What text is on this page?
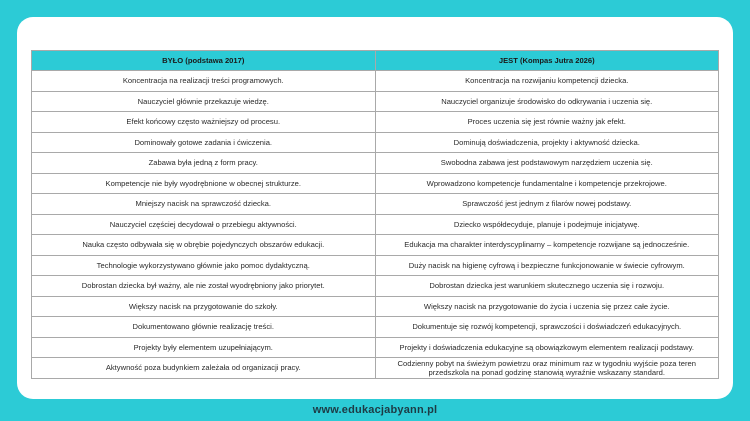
BYŁO (podstawa 2017)	JEST (Kompas Jutra 2026)
Koncentracja na realizacji treści programowych.	Koncentracja na rozwijaniu kompetencji dziecka.
Nauczyciel głównie przekazuje wiedzę.	Nauczyciel organizuje środowisko do odkrywania i uczenia się.
Efekt końcowy często ważniejszy od procesu.	Proces uczenia się jest równie ważny jak efekt.
Dominowały gotowe zadania i ćwiczenia.	Dominują doświadczenia, projekty i aktywność dziecka.
Zabawa była jedną z form pracy.	Swobodna zabawa jest podstawowym narzędziem uczenia się.
Kompetencje nie były wyodrębnione w obecnej strukturze.	Wprowadzono kompetencje fundamentalne i kompetencje przekrojowe.
Mniejszy nacisk na sprawczość dziecka.	Sprawczość jest jednym z filarów nowej podstawy.
Nauczyciel częściej decydował o przebiegu aktywności.	Dziecko współdecyduje, planuje i podejmuje inicjatywę.
Nauka często odbywała się w obrębie pojedynczych obszarów edukacji.	Edukacja ma charakter interdyscyplinarny – kompetencje rozwijane są jednocześnie.
Technologie wykorzystywano głównie jako pomoc dydaktyczną.	Duży nacisk na higienę cyfrową i bezpieczne funkcjonowanie w świecie cyfrowym.
Dobrostan dziecka był ważny, ale nie został wyodrębniony jako priorytet.	Dobrostan dziecka jest warunkiem skutecznego uczenia się i rozwoju.
Większy nacisk na przygotowanie do szkoły.	Większy nacisk na przygotowanie do życia i uczenia się przez całe życie.
Dokumentowano głównie realizację treści.	Dokumentuje się rozwój kompetencji, sprawczości i doświadczeń edukacyjnych.
Projekty były elementem uzupełniającym.	Projekty i doświadczenia edukacyjne są obowiązkowym elementem realizacji podstawy.
Aktywność poza budynkiem zależała od organizacji pracy.	Codzienny pobyt na świeżym powietrzu oraz minimum raz w tygodniu wyjście poza teren przedszkola na ponad godzinę stanowią wyraźnie wskazany standard.
www.edukacjabyann.pl
